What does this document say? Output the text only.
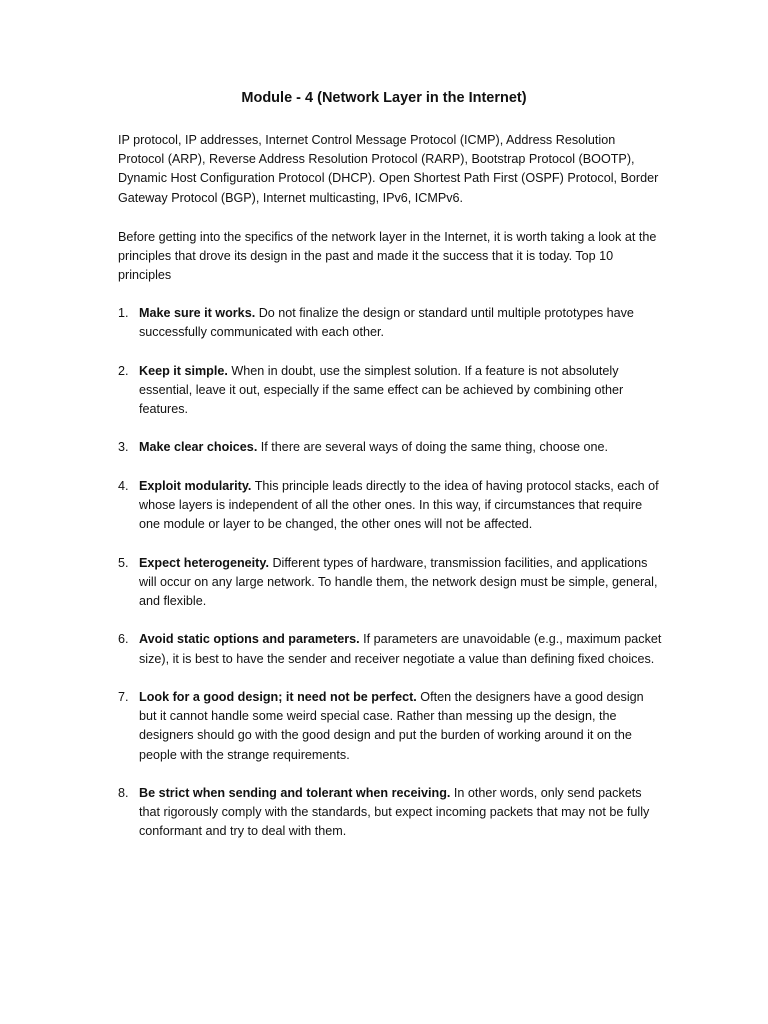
Module - 4 (Network Layer in the Internet)
IP protocol, IP addresses, Internet Control Message Protocol (ICMP), Address Resolution Protocol (ARP), Reverse Address Resolution Protocol (RARP), Bootstrap Protocol (BOOTP), Dynamic Host Configuration Protocol (DHCP). Open Shortest Path First (OSPF) Protocol, Border Gateway Protocol (BGP), Internet multicasting, IPv6, ICMPv6.
Before getting into the specifics of the network layer in the Internet, it is worth taking a look at the principles that drove its design in the past and made it the success that it is today. Top 10 principles
1. Make sure it works. Do not finalize the design or standard until multiple prototypes have successfully communicated with each other.
2. Keep it simple. When in doubt, use the simplest solution. If a feature is not absolutely essential, leave it out, especially if the same effect can be achieved by combining other features.
3. Make clear choices. If there are several ways of doing the same thing, choose one.
4. Exploit modularity. This principle leads directly to the idea of having protocol stacks, each of whose layers is independent of all the other ones. In this way, if circumstances that require one module or layer to be changed, the other ones will not be affected.
5. Expect heterogeneity. Different types of hardware, transmission facilities, and applications will occur on any large network. To handle them, the network design must be simple, general, and flexible.
6. Avoid static options and parameters. If parameters are unavoidable (e.g., maximum packet size), it is best to have the sender and receiver negotiate a value than defining fixed choices.
7. Look for a good design; it need not be perfect. Often the designers have a good design but it cannot handle some weird special case. Rather than messing up the design, the designers should go with the good design and put the burden of working around it on the people with the strange requirements.
8. Be strict when sending and tolerant when receiving. In other words, only send packets that rigorously comply with the standards, but expect incoming packets that may not be fully conformant and try to deal with them.
